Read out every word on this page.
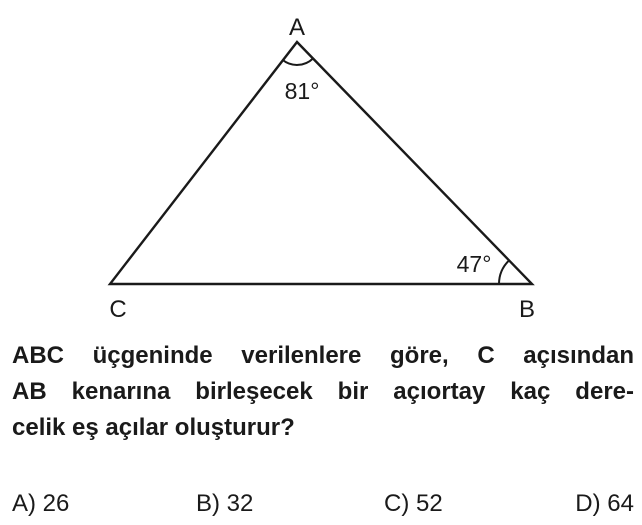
A
B
C
81°
47°
ABC üçgeninde verilenlere göre, C açısından
AB kenarına birleşecek bir açıortay kaç dere-
celik eş açılar oluşturur?
A) 26	B) 32	C) 52	D) 64
